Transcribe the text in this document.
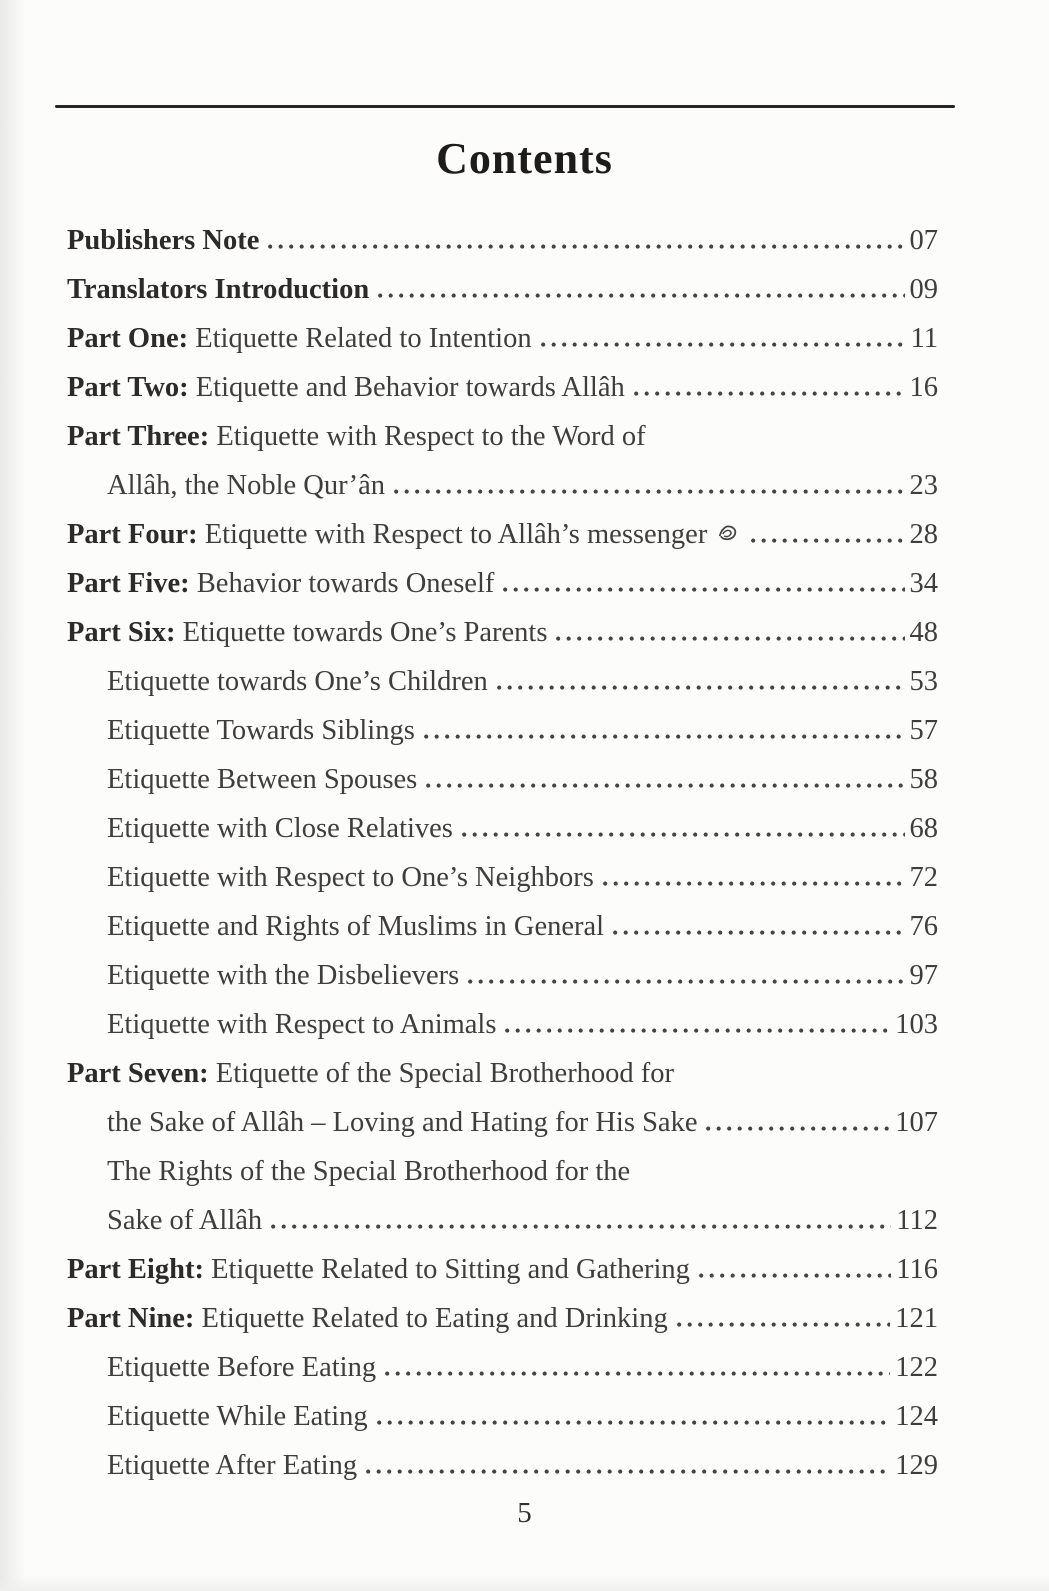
Contents
Publishers Note	07
Translators Introduction	09
Part One: Etiquette Related to Intention	11
Part Two: Etiquette and Behavior towards Allâh	16
Part Three: Etiquette with Respect to the Word of
Allâh, the Noble Qur’ân	23
Part Four: Etiquette with Respect to Allâh’s messenger	28
Part Five: Behavior towards Oneself	34
Part Six: Etiquette towards One’s Parents	48
Etiquette towards One’s Children	53
Etiquette Towards Siblings	57
Etiquette Between Spouses	58
Etiquette with Close Relatives	68
Etiquette with Respect to One’s Neighbors	72
Etiquette and Rights of Muslims in General	76
Etiquette with the Disbelievers	97
Etiquette with Respect to Animals	103
Part Seven: Etiquette of the Special Brotherhood for
the Sake of Allâh – Loving and Hating for His Sake	107
The Rights of the Special Brotherhood for the
Sake of Allâh	112
Part Eight: Etiquette Related to Sitting and Gathering	116
Part Nine: Etiquette Related to Eating and Drinking	121
Etiquette Before Eating	122
Etiquette While Eating	124
Etiquette After Eating	129
5
